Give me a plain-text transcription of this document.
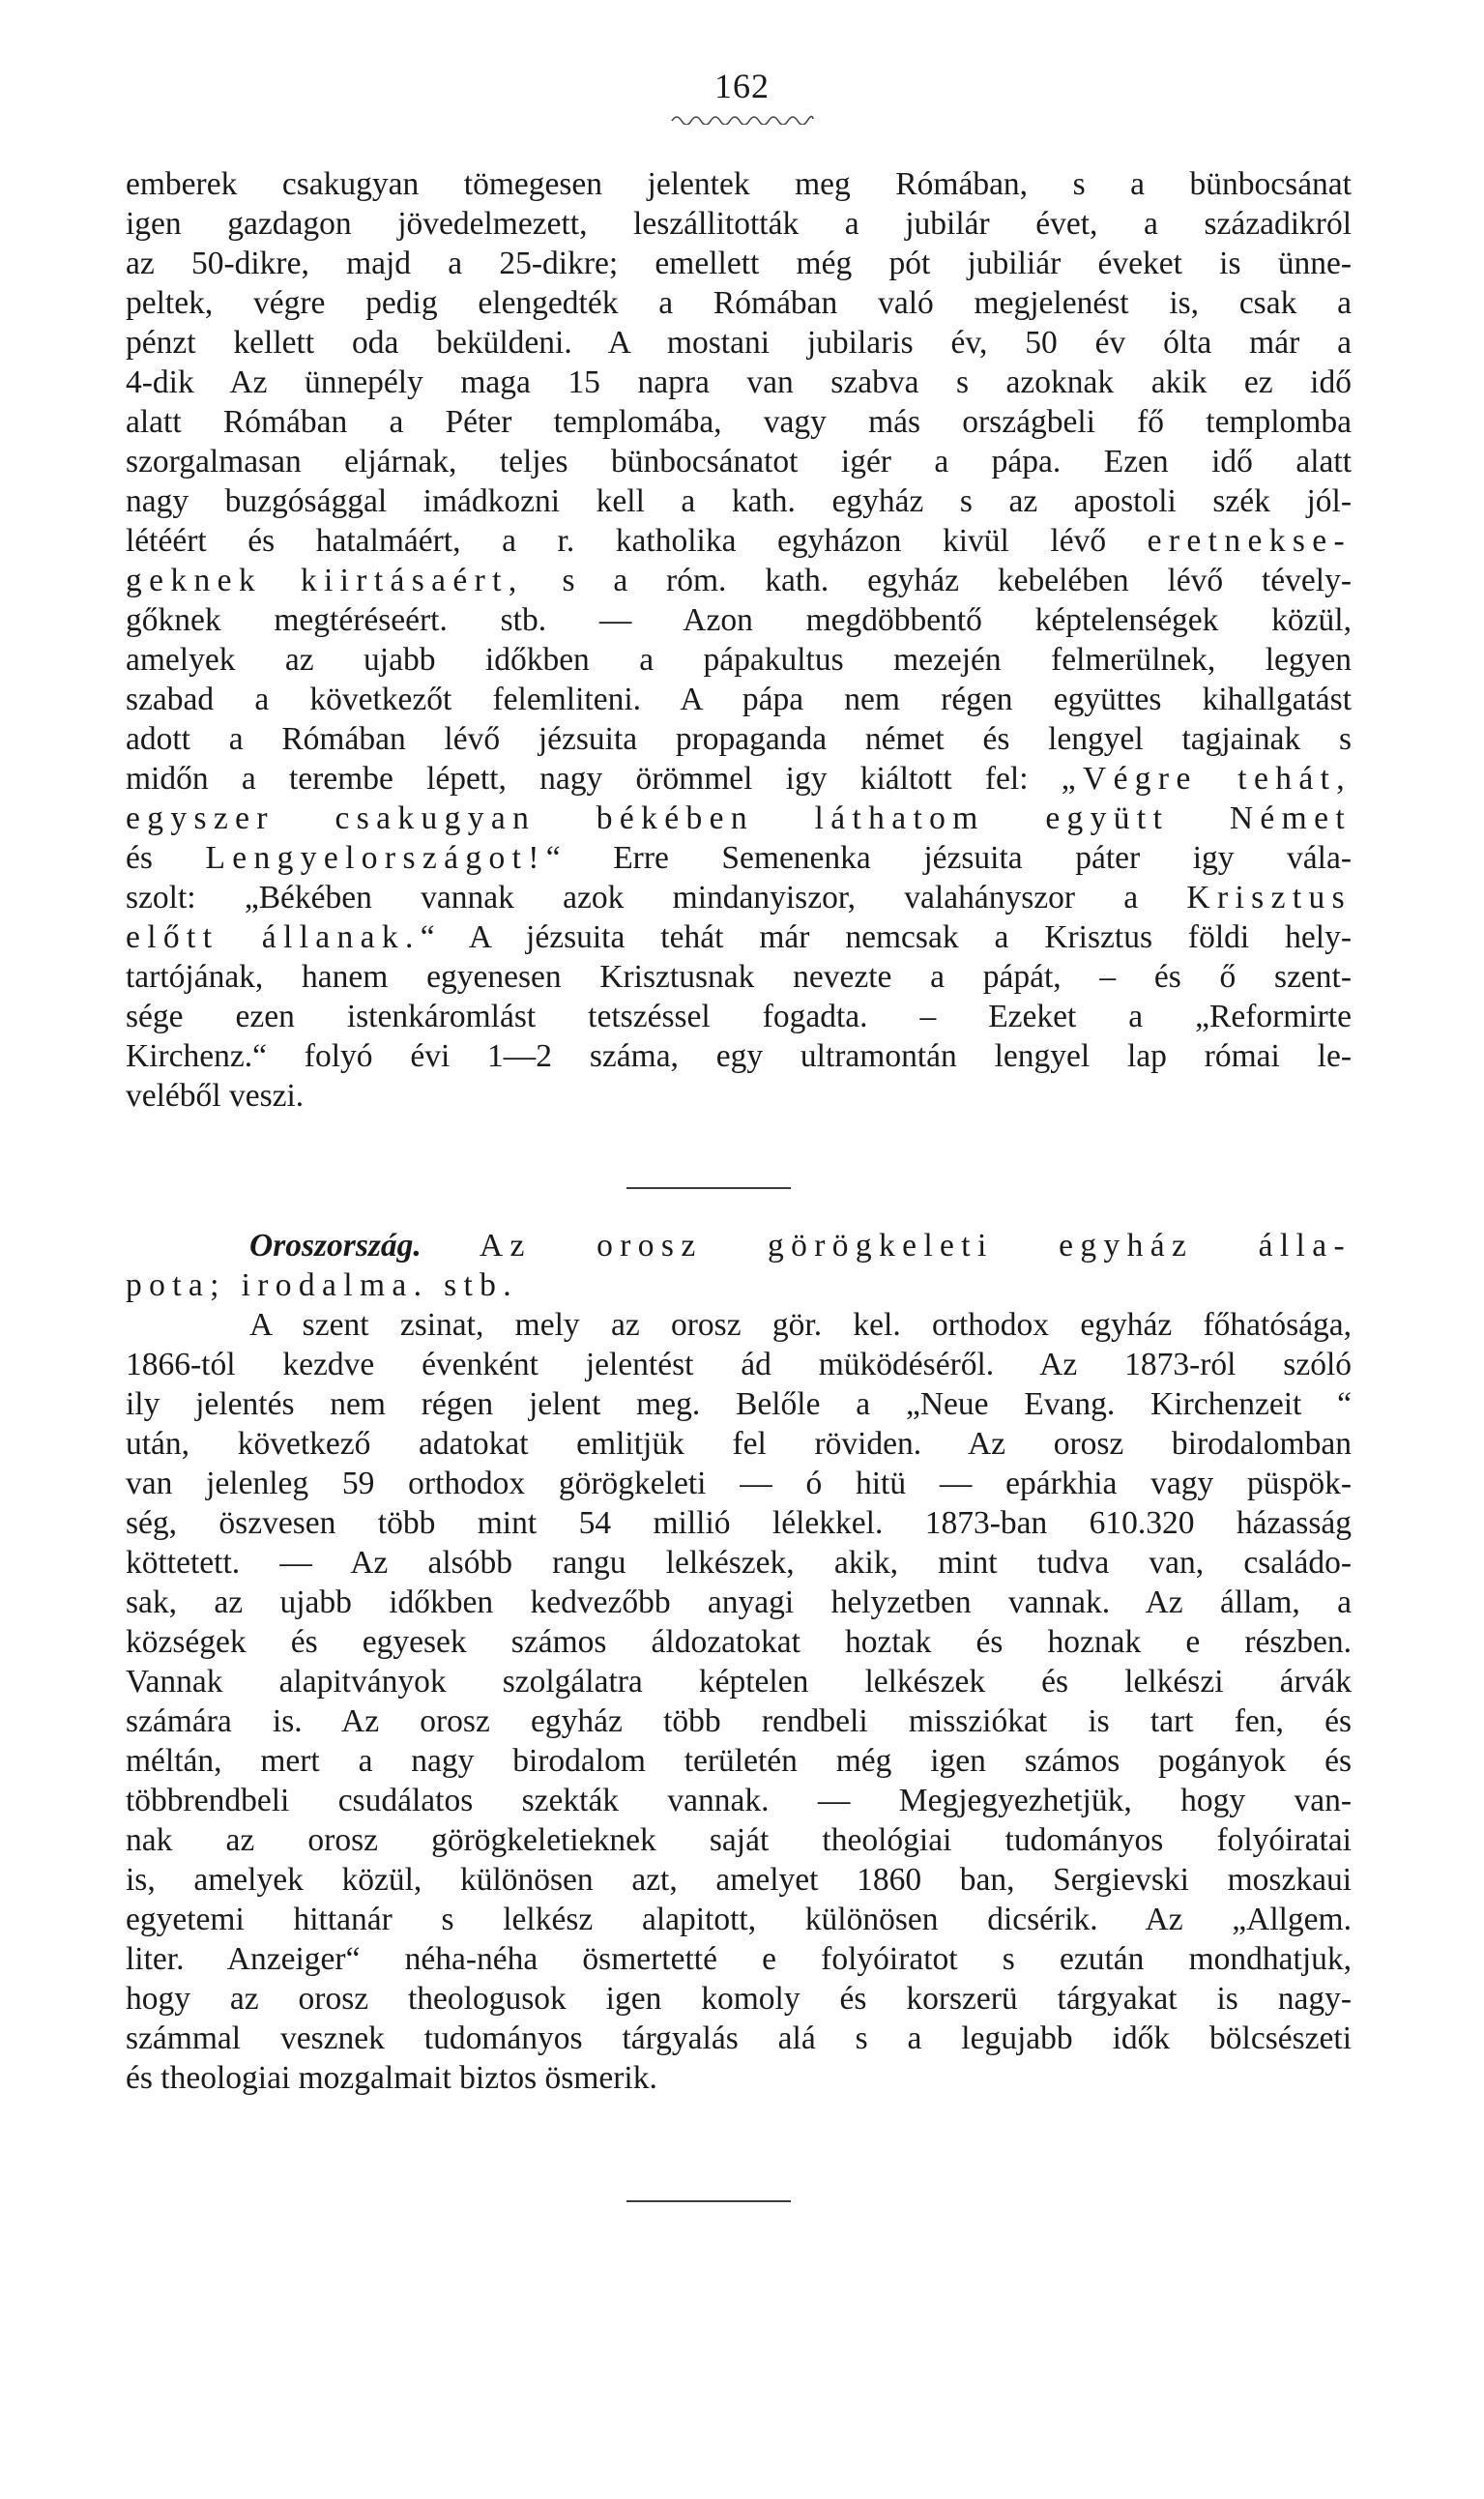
162
emberek csakugyan tömegesen jelentek meg Rómában, s a bünbocsánat
igen gazdagon jövedelmezett, leszállitották a jubilár évet, a századikról
az 50-dikre, majd a 25-dikre; emellett még pót jubiliár éveket is ünne-
peltek, végre pedig elengedték a Rómában való megjelenést is, csak a
pénzt kellett oda beküldeni. A mostani jubilaris év, 50 év ólta már a
4-dik Az ünnepély maga 15 napra van szabva s azoknak akik ez idő
alatt Rómában a Péter templomába, vagy más országbeli fő templomba
szorgalmasan eljárnak, teljes bünbocsánatot igér a pápa. Ezen idő alatt
nagy buzgósággal imádkozni kell a kath. egyház s az apostoli szék jól-
létéért és hatalmáért, a r. katholika egyházon kivül lévő eretnekse-
geknek kiirtásaért, s a róm. kath. egyház kebelében lévő tévely-
gőknek megtéréseért. stb. — Azon megdöbbentő képtelenségek közül,
amelyek az ujabb időkben a pápakultus mezején felmerülnek, legyen
szabad a következőt felemliteni. A pápa nem régen együttes kihallgatást
adott a Rómában lévő jézsuita propaganda német és lengyel tagjainak s
midőn a terembe lépett, nagy örömmel igy kiáltott fel: „Végre tehát,
egyszer csakugyan békében láthatom együtt Német
és Lengyelországot!“ Erre Semenenka jézsuita páter igy vála-
szolt: „Békében vannak azok mindanyiszor, valahányszor a Krisztus
előtt állanak.“ A jézsuita tehát már nemcsak a Krisztus földi hely-
tartójának, hanem egyenesen Krisztusnak nevezte a pápát, – és ő szent-
sége ezen istenkáromlást tetszéssel fogadta. – Ezeket a „Reformirte
Kirchenz.“ folyó évi 1—2 száma, egy ultramontán lengyel lap római le-
veléből veszi.
Oroszország. Az orosz görögkeleti egyház álla-
pota; irodalma. stb.
A szent zsinat, mely az orosz gör. kel. orthodox egyház főhatósága,
1866-tól kezdve évenként jelentést ád müködéséről. Az 1873-ról szóló
ily jelentés nem régen jelent meg. Belőle a „Neue Evang. Kirchenzeit “
után, következő adatokat emlitjük fel röviden. Az orosz birodalomban
van jelenleg 59 orthodox görögkeleti — ó hitü — epárkhia vagy püspök-
ség, öszvesen több mint 54 millió lélekkel. 1873-ban 610.320 házasság
köttetett. — Az alsóbb rangu lelkészek, akik, mint tudva van, családo-
sak, az ujabb időkben kedvezőbb anyagi helyzetben vannak. Az állam, a
községek és egyesek számos áldozatokat hoztak és hoznak e részben.
Vannak alapitványok szolgálatra képtelen lelkészek és lelkészi árvák
számára is. Az orosz egyház több rendbeli missziókat is tart fen, és
méltán, mert a nagy birodalom területén még igen számos pogányok és
többrendbeli csudálatos szekták vannak. — Megjegyezhetjük, hogy van-
nak az orosz görögkeletieknek saját theológiai tudományos folyóiratai
is, amelyek közül, különösen azt, amelyet 1860 ban, Sergievski moszkaui
egyetemi hittanár s lelkész alapitott, különösen dicsérik. Az „Allgem.
liter. Anzeiger“ néha-néha ösmertetté e folyóiratot s ezután mondhatjuk,
hogy az orosz theologusok igen komoly és korszerü tárgyakat is nagy-
számmal vesznek tudományos tárgyalás alá s a legujabb idők bölcsészeti
és theologiai mozgalmait biztos ösmerik.
